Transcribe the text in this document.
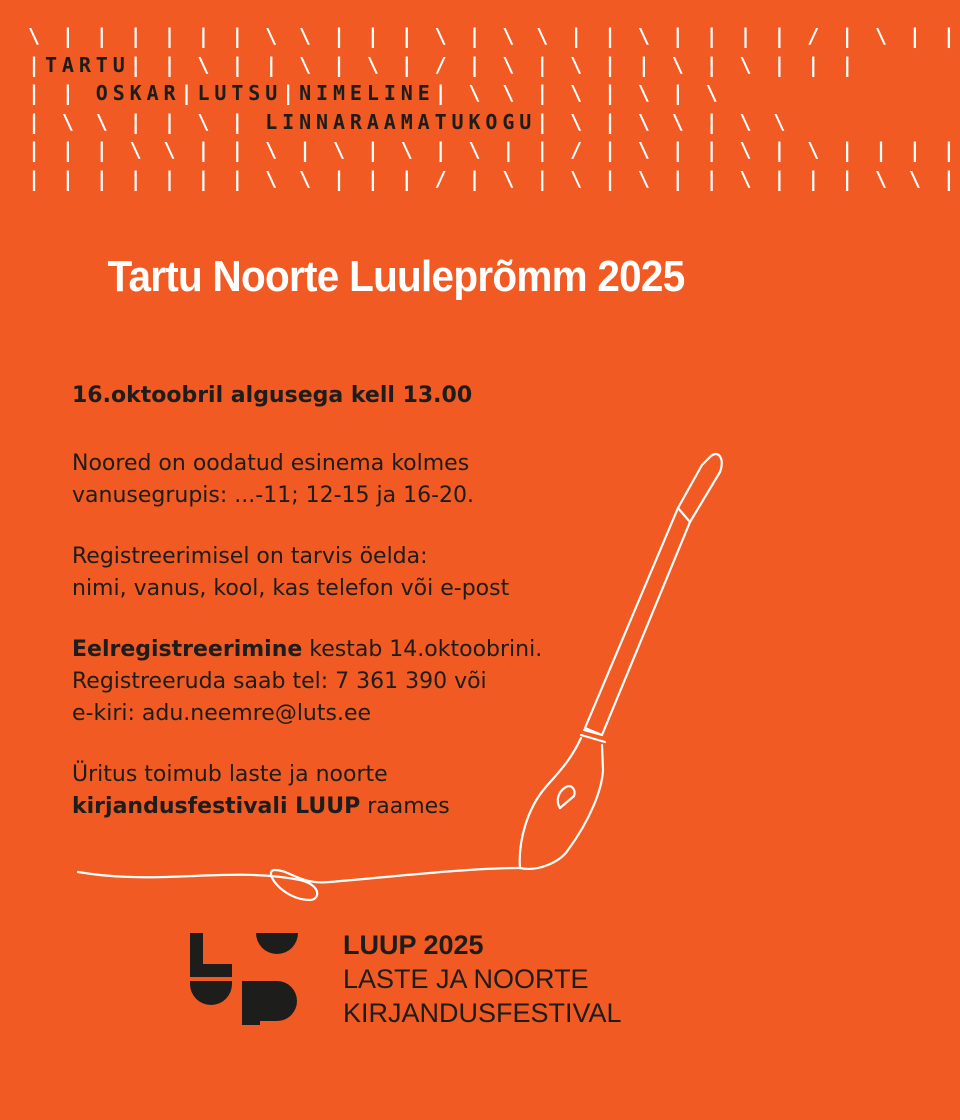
\ | | | | | | \ \ | | | \ | \ \ | | \ | | | | / | \ | |
|TARTU| | \ | | \ | \ | / | \ | \ | | \ | \ | | |
| | OSKAR|LUTSU|NIMELINE| \ \ | \ | \ | \
| \ \ | | \ | LINNARAAMATUKOGU| \ | \ \ | \ \
| | | \ \ | | \ | \ | \ | \ | | / | \ | | \ | \ | | | |
| | | | | | | \ \ | | | / | \ | \ | \ | | \ | | | \ \ |
Tartu Noorte Luuleprõmm 2025

16.oktoobril algusega kell 13.00

Noored on oodatud esinema kolmes
vanusegrupis: ...-11; 12-15 ja 16-20.

Registreerimisel on tarvis öelda:
nimi, vanus, kool, kas telefon või e-post

Eelregistreerimine kestab 14.oktoobrini.
Registreeruda saab tel: 7 361 390 või
e-kiri: adu.neemre@luts.ee

Üritus toimub laste ja noorte
kirjandusfestivali LUUP raames

LUUP 2025
LASTE JA NOORTE
KIRJANDUSFESTIVAL
